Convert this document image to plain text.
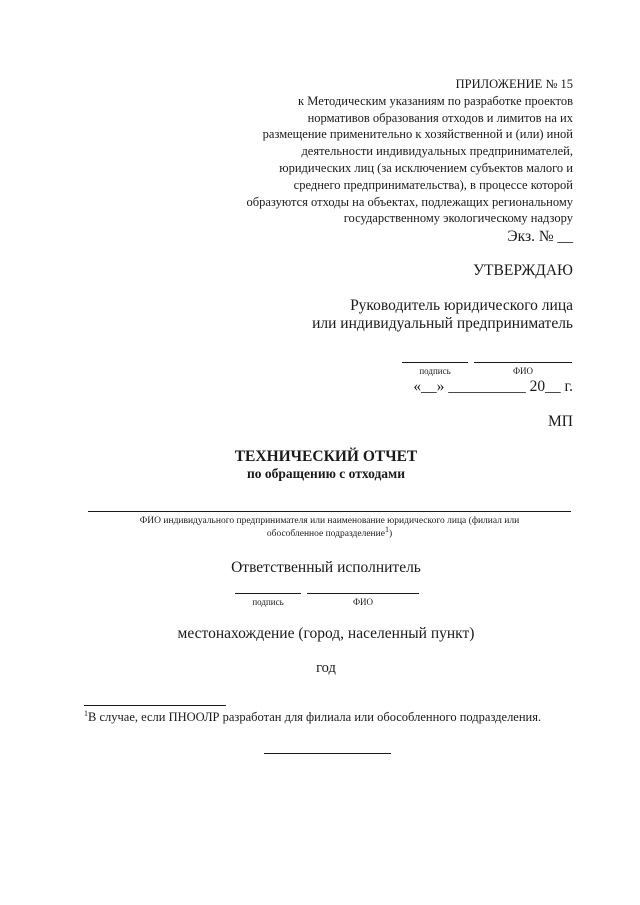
ПРИЛОЖЕНИЕ № 15
к Методическим указаниям по разработке проектов
нормативов образования отходов и лимитов на их
размещение применительно к хозяйственной и (или) иной
деятельности индивидуальных предпринимателей,
юридических лиц (за исключением субъектов малого и
среднего предпринимательства), в процессе которой
образуются отходы на объектах, подлежащих региональному
государственному экологическому надзору
Экз. № __
УТВЕРЖДАЮ
Руководитель юридического лица
или индивидуальный предприниматель
подпись	ФИО
«__» __________ 20__ г.
МП
ТЕХНИЧЕСКИЙ ОТЧЕТ
по обращению с отходами
ФИО индивидуального предпринимателя или наименование юридического лица (филиал или
обособленное подразделение$^1$)
Ответственный исполнитель
подпись	ФИО
местонахождение (город, населенный пункт)
год
$^1$В случае, если ПНООЛР разработан для филиала или обособленного подразделения.
